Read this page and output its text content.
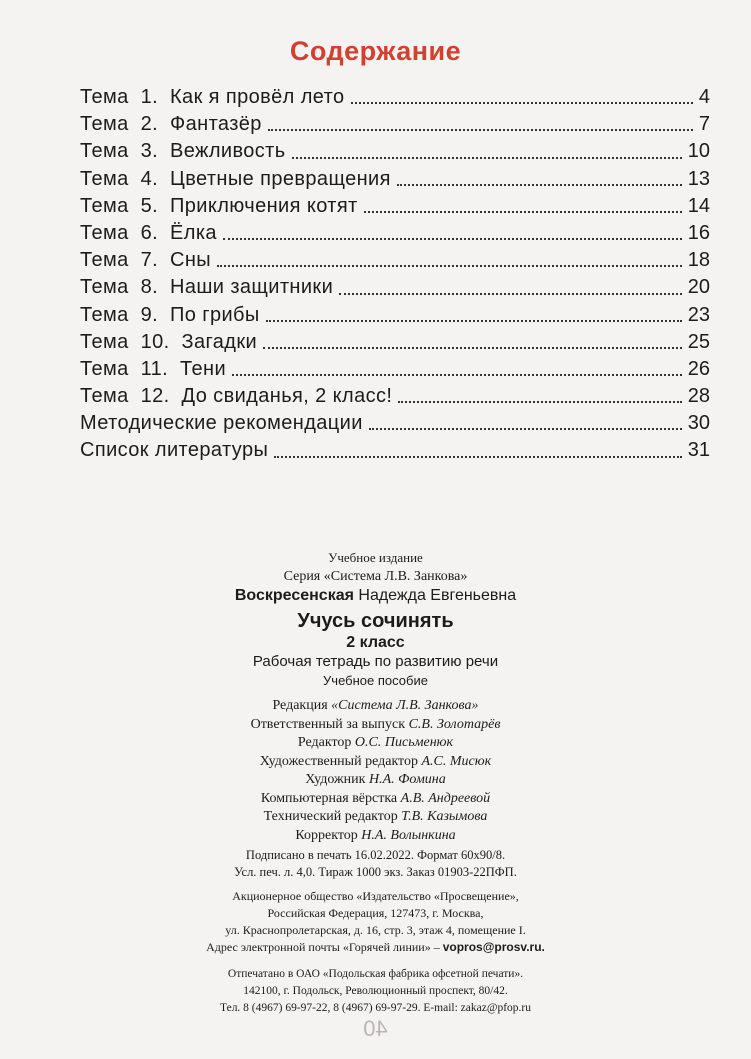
Содержание
Тема  1.  Как я провёл лето	4
Тема  2.  Фантазёр	7
Тема  3.  Вежливость	10
Тема  4.  Цветные превращения	13
Тема  5.  Приключения котят	14
Тема  6.  Ёлка	16
Тема  7.  Сны	18
Тема  8.  Наши защитники	20
Тема  9.  По грибы	23
Тема  10.  Загадки	25
Тема  11.  Тени	26
Тема  12.  До свиданья, 2 класс!	28
Методические рекомендации	30
Список литературы	31
Учебное издание
Серия «Система Л.В. Занкова»
Воскресенская Надежда Евгеньевна
Учусь сочинять
2 класс
Рабочая тетрадь по развитию речи
Учебное пособие
Редакция «Система Л.В. Занкова»
Ответственный за выпуск С.В. Золотарёв
Редактор О.С. Письменюк
Художественный редактор А.С. Мисюк
Художник Н.А. Фомина
Компьютерная вёрстка А.В. Андреевой
Технический редактор Т.В. Казымова
Корректор Н.А. Волынкина
Подписано в печать 16.02.2022. Формат 60х90/8.
Усл. печ. л. 4,0. Тираж 1000 экз. Заказ 01903-22ПФП.
Акционерное общество «Издательство «Просвещение»,
Российская Федерация, 127473, г. Москва,
ул. Краснопролетарская, д. 16, стр. 3, этаж 4, помещение I.
Адрес электронной почты «Горячей линии» – vopros@prosv.ru.
Отпечатано в ОАО «Подольская фабрика офсетной печати».
142100, г. Подольск, Революционный проспект, 80/42.
Тел. 8 (4967) 69-97-22, 8 (4967) 69-97-29. E-mail: zakaz@pfop.ru
40
